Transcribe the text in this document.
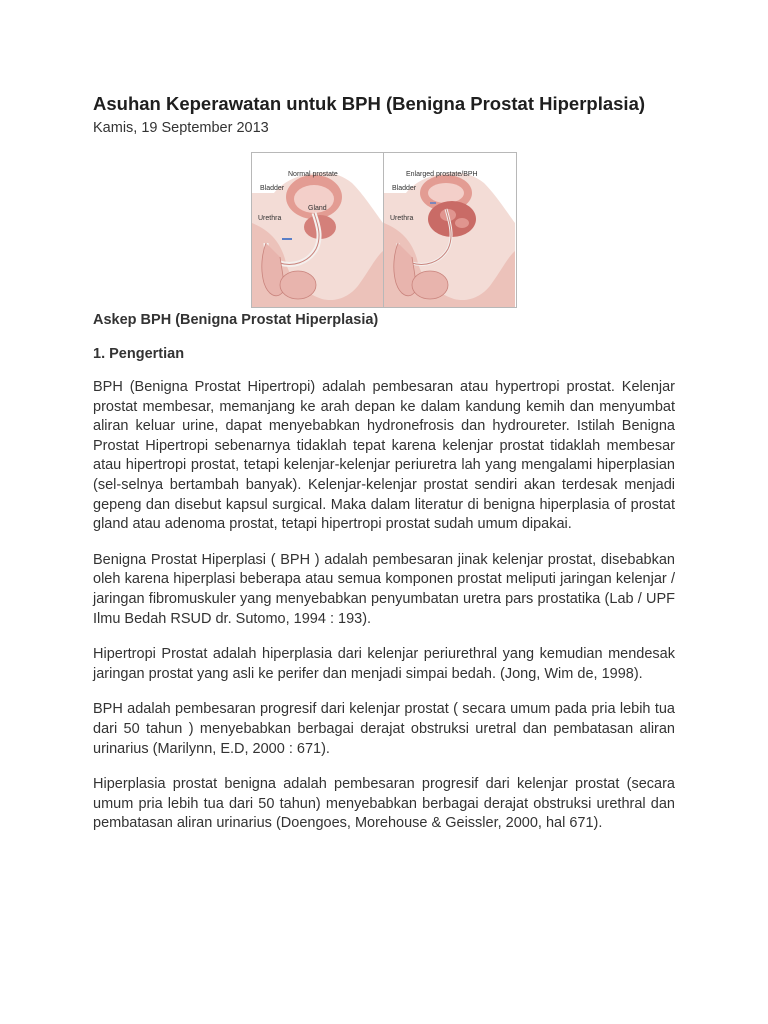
Asuhan Keperawatan untuk BPH (Benigna Prostat Hiperplasia)
Kamis, 19 September 2013
Normal prostate
Bladder
Gland
Urethra
Enlarged prostate/BPH
Bladder
Urethra
Askep BPH (Benigna Prostat Hiperplasia)
1. Pengertian

BPH (Benigna Prostat Hipertropi) adalah pembesaran atau hypertropi prostat. Kelenjar prostat membesar, memanjang ke arah depan ke dalam kandung kemih dan menyumbat aliran keluar urine, dapat menyebabkan hydronefrosis dan hydroureter. Istilah Benigna Prostat Hipertropi sebenarnya tidaklah tepat karena kelenjar prostat tidaklah membesar atau hipertropi prostat, tetapi kelenjar-kelenjar periuretra lah yang mengalami hiperplasian (sel-selnya bertambah banyak). Kelenjar-kelenjar prostat sendiri akan terdesak menjadi gepeng dan disebut kapsul surgical. Maka dalam literatur di benigna hiperplasia of prostat gland atau adenoma prostat, tetapi hipertropi prostat sudah umum dipakai.

Benigna Prostat Hiperplasi ( BPH ) adalah pembesaran jinak kelenjar prostat, disebabkan oleh karena hiperplasi beberapa atau semua komponen prostat meliputi jaringan kelenjar / jaringan fibromuskuler yang menyebabkan penyumbatan uretra pars prostatika (Lab / UPF Ilmu Bedah RSUD dr. Sutomo, 1994 : 193).

Hipertropi Prostat adalah hiperplasia dari kelenjar periurethral yang kemudian mendesak jaringan prostat yang asli ke perifer dan menjadi simpai bedah. (Jong, Wim de, 1998).

BPH adalah pembesaran progresif dari kelenjar prostat ( secara umum pada pria lebih tua dari 50 tahun ) menyebabkan berbagai derajat obstruksi uretral dan pembatasan aliran urinarius (Marilynn, E.D, 2000 : 671).

Hiperplasia prostat benigna adalah pembesaran progresif dari kelenjar prostat (secara umum pria lebih tua dari 50 tahun) menyebabkan berbagai derajat obstruksi urethral dan pembatasan aliran urinarius (Doengoes, Morehouse & Geissler, 2000, hal 671).
